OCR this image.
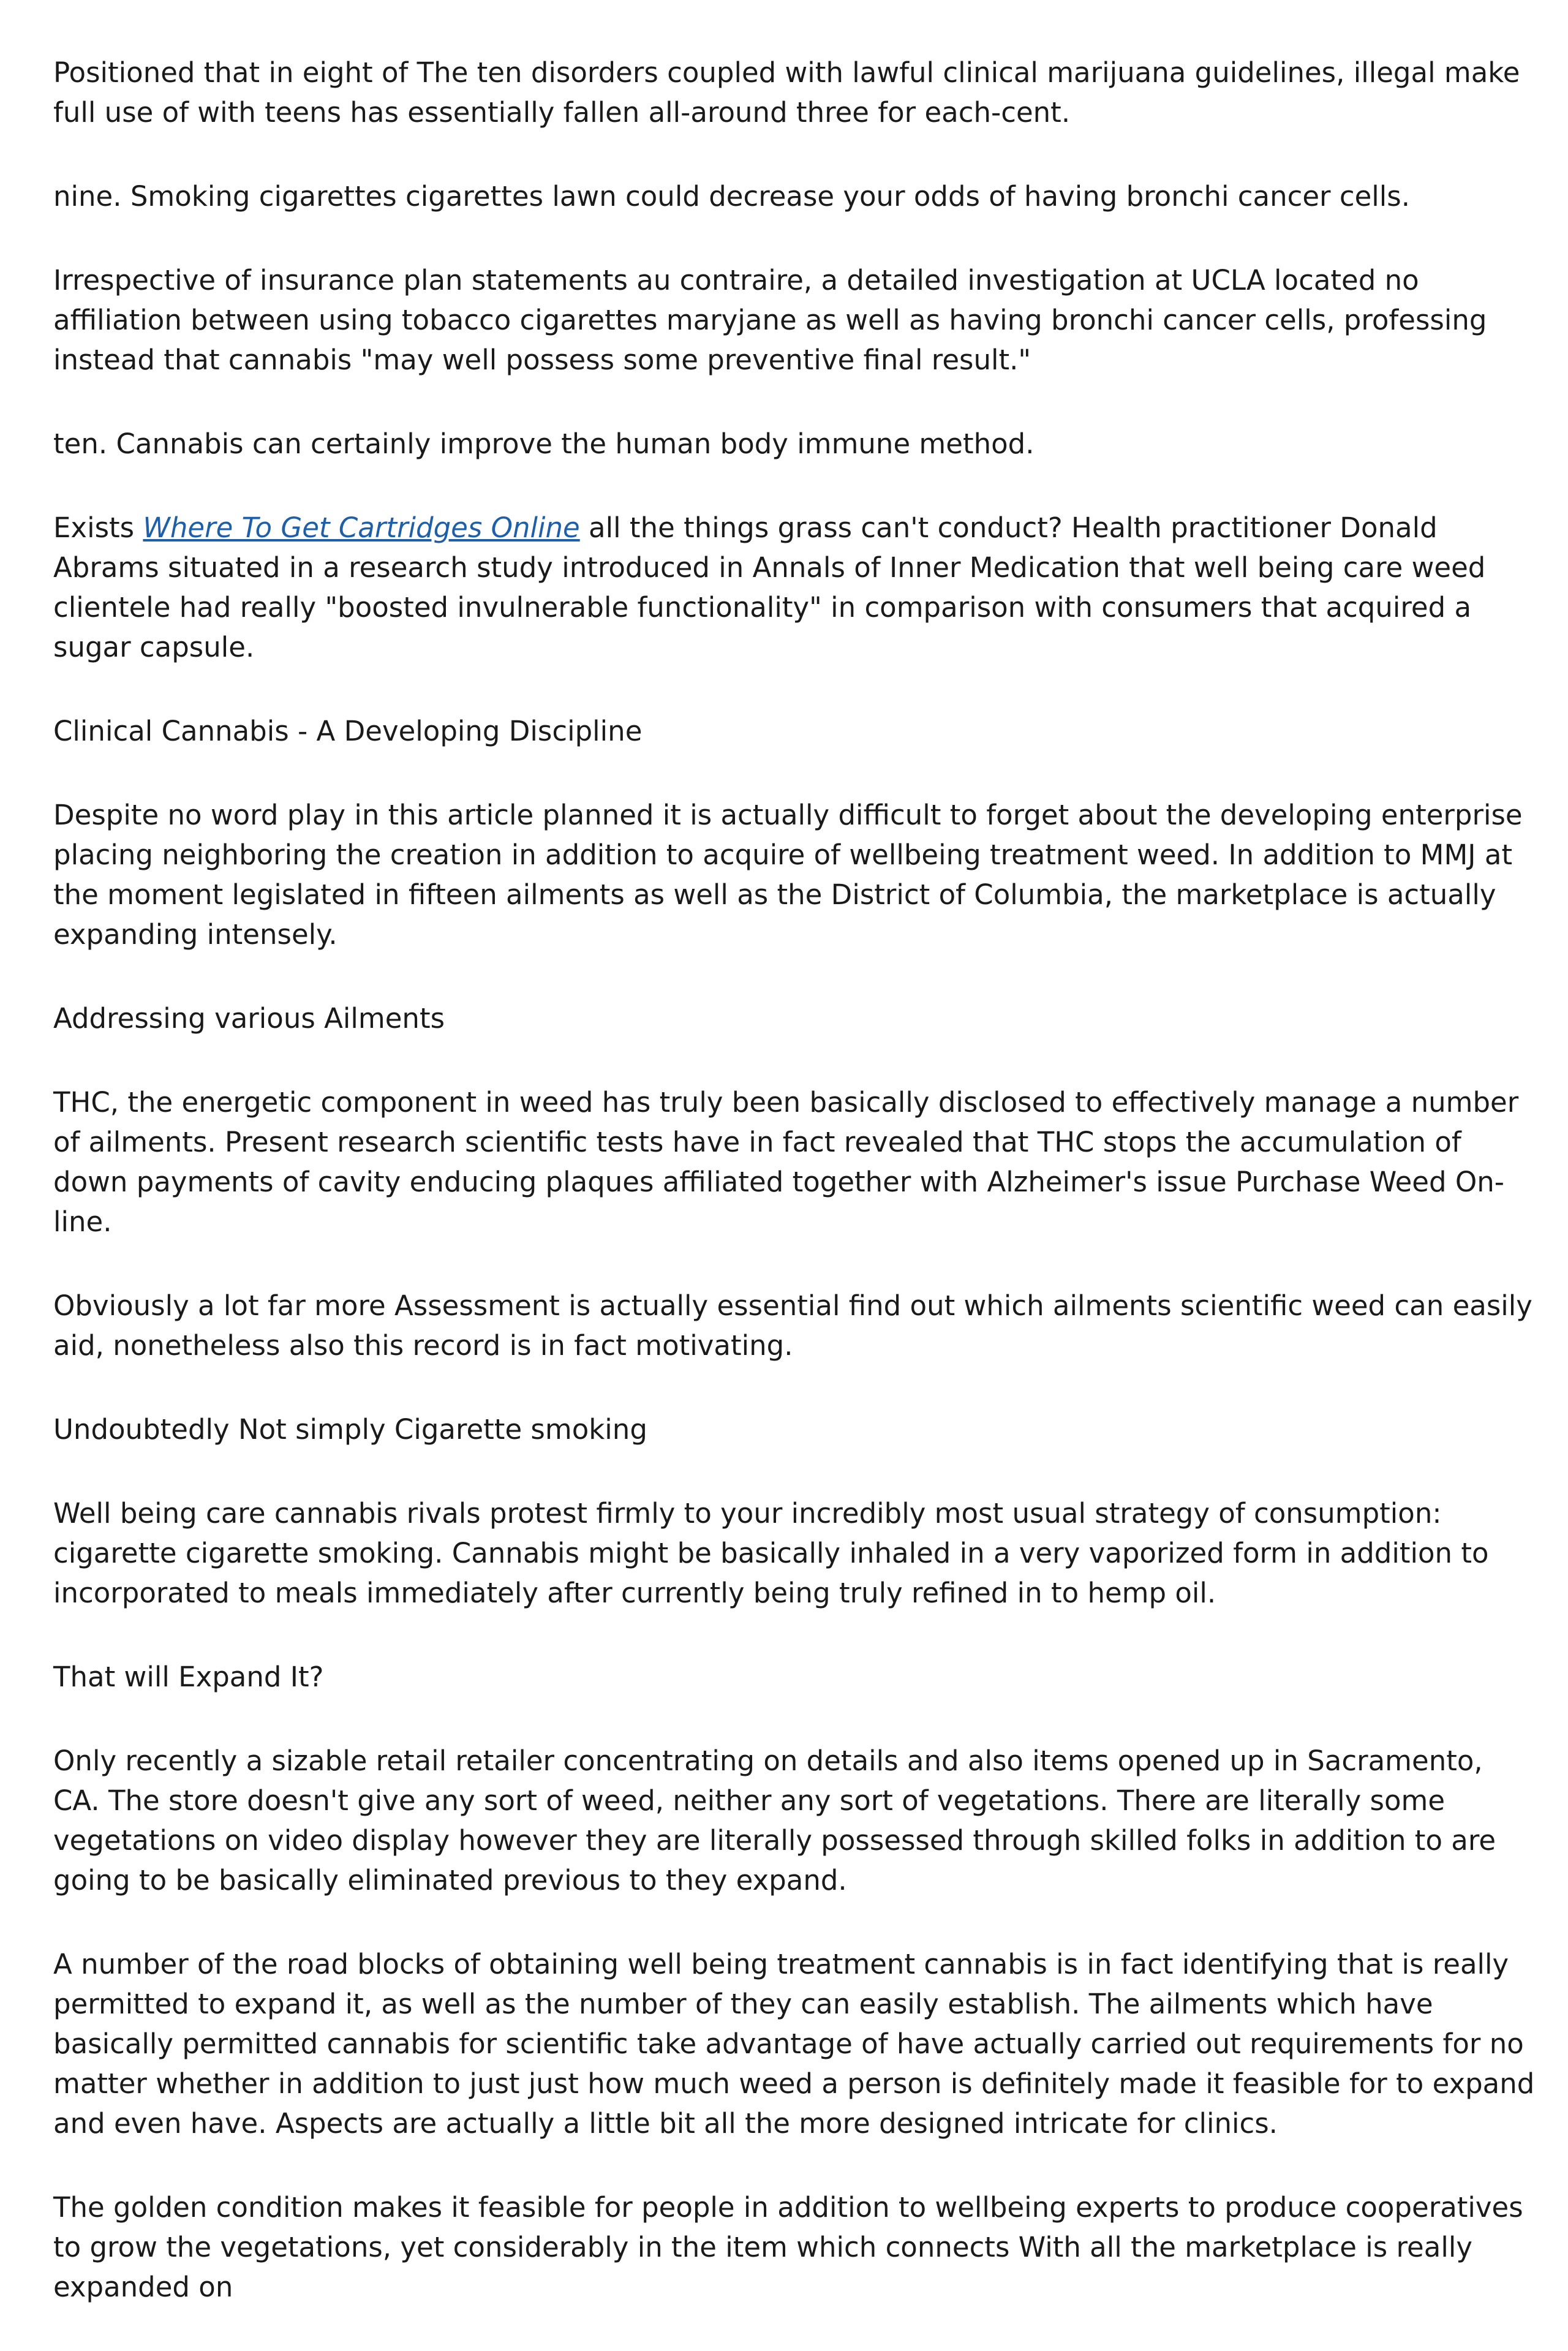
Positioned that in eight of The ten disorders coupled with lawful clinical marijuana guidelines, illegal make full use of with teens has essentially fallen all-around three for each-cent.

nine. Smoking cigarettes cigarettes lawn could decrease your odds of having bronchi cancer cells.

Irrespective of insurance plan statements au contraire, a detailed investigation at UCLA located no affiliation between using tobacco cigarettes maryjane as well as having bronchi cancer cells, professing instead that cannabis "may well possess some preventive final result."

ten. Cannabis can certainly improve the human body immune method.

Exists Where To Get Cartridges Online all the things grass can't conduct? Health practitioner Donald Abrams situated in a research study introduced in Annals of Inner Medication that well being care weed clientele had really "boosted invulnerable functionality" in comparison with consumers that acquired a sugar capsule.

Clinical Cannabis - A Developing Discipline

Despite no word play in this article planned it is actually difficult to forget about the developing enterprise placing neighboring the creation in addition to acquire of wellbeing treatment weed. In addition to MMJ at the moment legislated in fifteen ailments as well as the District of Columbia, the marketplace is actually expanding intensely.

Addressing various Ailments

THC, the energetic component in weed has truly been basically disclosed to effectively manage a number of ailments. Present research scientific tests have in fact revealed that THC stops the accumulation of down payments of cavity enducing plaques affiliated together with Alzheimer's issue Purchase Weed On-line.

Obviously a lot far more Assessment is actually essential find out which ailments scientific weed can easily aid, nonetheless also this record is in fact motivating.

Undoubtedly Not simply Cigarette smoking

Well being care cannabis rivals protest firmly to your incredibly most usual strategy of consumption: cigarette cigarette smoking. Cannabis might be basically inhaled in a very vaporized form in addition to incorporated to meals immediately after currently being truly refined in to hemp oil.

That will Expand It?

Only recently a sizable retail retailer concentrating on details and also items opened up in Sacramento, CA. The store doesn't give any sort of weed, neither any sort of vegetations. There are literally some vegetations on video display however they are literally possessed through skilled folks in addition to are going to be basically eliminated previous to they expand.

A number of the road blocks of obtaining well being treatment cannabis is in fact identifying that is really permitted to expand it, as well as the number of they can easily establish. The ailments which have basically permitted cannabis for scientific take advantage of have actually carried out requirements for no matter whether in addition to just just how much weed a person is definitely made it feasible for to expand and even have. Aspects are actually a little bit all the more designed intricate for clinics.

The golden condition makes it feasible for people in addition to wellbeing experts to produce cooperatives to grow the vegetations, yet considerably in the item which connects With all the marketplace is really expanded on
